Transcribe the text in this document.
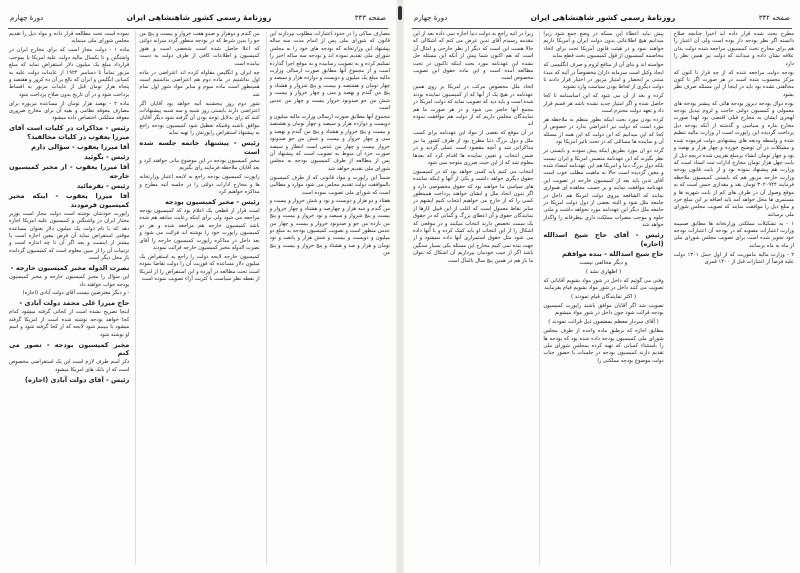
صفحه ۳۴۳
روزنامهٔ رسمی کشور شاهنشاهی ایران
دورهٔ چهارم

مصارف ساکی را در حدود اعتبارات مطلوب بپردازند این قانون که شورای ملی پس از اتمام مدت سه ساله پیشنهاد این وزارتخانه که بودجه های خود را به مجلس شورای ملی تقدیم نموده اند و بودجه سه ساله اخیر را تسلیم کرده و به تصویب رسانیده و به موقع اجرا گذارده است و از مجموع آنها مطابق صورت ارسالی وزارت مالیه مبلغ یک میلیون و دویست و دوازده هزار و سیصد و چهار تومان و هشتصد و بیست و پنج شروار و هشتاد و پنج من گندم و نهصد و سی و چهار خروار و بیست و شش من جو صدونود خروار بیست و چهار من عدس است

مجموع آنها مطابق صورت ارسالی وزارت مالیه میلیون و دویست و دوازده هزار و سیصد و چهار تومان و هشتصد و بیست و پنج خروار و هشتاد و پنج من گندم و نهصد و سی و چهار خروار و بیست و شش من جو صدونود خروار بیست و چهار من عدس است انتظار و سیصد صورت جزء آن منوط به تصویب است که پیشنهاد آن پس از مطالعه از طرف کمیسیون بودجه به مجلس شورای ملی تقدیم خواهد شد

ضمناً این راپورت و مواد قانونی که از طرف کمیسیون بالموافقت دولت تقدیم مجلس می شود موارد و مطالبی است که شورای ملی تصویب نموده است

هفتاد و دو هزار و دویست و نود و شش خروار و بیست و من گندم و سه هزار و چهارصد و هشتاد و چهار خروار و بیست و پنج شروار و سیصد و نود خروار و بیست و پنج من بازده من جو و صدونود خروار و بیست و چهار من عدس منظور است و تصویب کمیسیون بودجه به مبلغ دو میلیون و دویست و بیست و شش هزار و پانصد و نود تومان و هزار و صد و هشتاد و پنج خروار و بیست و پنج من

من گندم و دوهزار و صدو هفت خروار و بیست و پنج من جو را بدین شرط که در بودجه منظور گردد سرانه دولتی که اعلا حاصل شده است شخصی است و هنوز کمیسیون و اطلاعات کافی از طرف دولت به دست نیامده است

چه ایران و انگلیس مقاوله کرده اند اعتراضی در ماده اول نداشتیم در ماده دوم هم اعتراضی نداشتیم است همینطور است ماده سوم و سایر مواد شور اول تمام شد

شور دوم روز پنجشنبه آتیه خواهد بود آقایان اگر اعتراضی دارند بایستی روز شنبه و سه شنبه پیشنهادات کنند که رای بدلایل توجه بودن آن گرفته شود دیگر آقایان موافق باشند وقتیکه تعطیل شود کمیسیون بودجه راجع به پیشنهاد استقراض راپورتش را تهیه نماید

رئیس - پیشنهاد خاتمه جلسه شده است

مخبر کمیسیون بودجه در این موضوع بیانی خواهند کرد و بعد آقایان ملاحظه فرمایند رای بگیریم

راپورت کمیسیون بودجه راجع به لایحه اعتبار وزارتخانه ها و مخارج ادارات دولتی را در جلسه آتیه مطرح و مذاکره خواهیم کرد

رئیس - مخبر کمیسیون بودجه

است قرار از قطعی یک اعلام بود که کمیسیون بودجه مراجعه می شود ولی برای اینکه رعایت سابقه هم شده باشد کمیسیون خارجه هم مراجعه شده و هر دو کمیسیون راپورت خود را نوشته اند قرائت می شود و بعد داخل در مذاکره راپورت کمیسیون خارجه را آقای نصرت الدوله مخبر کمیسیون خارجه قرائت نمودند

کمیسیون خارجه لایحه دولت را راجع به استقراض یک میلیون دلار مساعده که فوریت آن را دولت تقاضا نموده است تحت مطالعه در آورده و این استقراض را از امریکا از نقطه نظر سیاست با کثریت آراء تصویب نموده است

نموده است تحت مطالعه قرار داده و مواد ذیل را تقدیم مجلس شورای ملی مینماید

ماده ۱ - دولت مجاز است که برای مخارج ایران در واشنگتن و تا یکسال مالیه دولت علیه امریکا یا بموجب قرارداد مبلغ یک میلیون دلار استقراض نماید که مبلغ مزبور تماماً تا دسامبر ۱۹۲۴ از عایدات دولت علیه به کمپانی انگلیس و ایران که بالغ بر آن ده کرور و هفتصد و پنجاه هزار تومان قبل از عایدات مزبور به اقساط پرداخت شود و در آن تاریخ بدون صلاح پرداخت شود

ماده ۲ - نهصد هزار تومان از مساعده مزبوره برای مصارف معوقه نظامی و بقیه آن برای مخارج ضروری معوقه مملکتی اختصاص داده میشود

رئیس - مذاکرات در کلیات است آقای میرزا یعقوب در کلیات مخالفید؟

آقا میرزا یعقوب - سؤالی دارم

رئیس - بگوئید

آقا میرزا یعقوب - از مخبر کمیسیون خارجه

رئیس - بفرمائید

آقا میرزا یعقوب - اینکه مخبر کمیسیون فرمودند

راپورت خودشان نوشته است دولت مجاز است بوزیر مختار ایران در واشنگتن و کمیسیون علیه امریکا اجازه دهد که با نام دولت یک میلیون دلار بعنوان مساعده موقتی استقراض نماید آن قرض معین اجازه است یا بیشتر از اینست و بعد اگر آن تا چه اندازه است و ترتیبات آن را از مبین معلوم است که کمیسیون گردانده باز محل دیگر است

نصرت الدوله مخبر کمیسیون خارجه -

این سؤال را مخبر کمیسیون خارجه و مخبر کمیسیون بودجه جواب خواهند داد

- و دیگر معترضین نیست آقای دولت آبادی (اجازه)

حاج میرزا علی محمد دولت آبادی -

اینجا تصریح نشده است از کجائی گرفته میشود کدام کجا خواهد بودجه نوشته شده است از امریکا گرفته میشود با ببینیم شود لایحه که از کجا گرفته شود و اسم او نوشته شود

مخبر کمیسیون بودجه - تصور می کنم

ذکر اسم طرف لازم است این یک استقراضی مخصوص است که از بانک های امریکا میشود

رئیس - آقای دولت آبادی (اجازه)

صفحه ۳۴۲
روزنامهٔ رسمی کشور شاهنشاهی ایران
دورهٔ چهارم

مطرح بحث شده قرار داده اید اخیراً چنانچه صلاح دانسته اگر نظر بودجه دار بوده است ولی آن اعتبار را هم برای مخارج تحت کمیسیون مراجعه شده دولت بدان علاقه نشان داده و میدانند که دولت نیز همین نظر را دارد

بودجه دولت مراجعه شده که از چه قرار تا کنون که مرکز محسوب شده است در هر صورت اگر تا کنون مخالفتی نشده بود باید در اینجا از این مسئله صرف نظر بشود

بوده دوال بودجه دیروز بودجه هائی که پیشتر بودجه های معمولی و کمسیون دولتی حاجت و لزوم تبدیل بودجه لهجری ایشان به مخارج قبلی اقتضی بود لهذا صورت مخارج ماره و سیاسی و گذشته از آنکه بودجه ذیل پرداخت گردیده این راپورت است از وزارت مالیه تنظیم شده و واسطه ودیعه های پیشنهادی دولت فرموده شده و مشکلات در آن توضیح خورده و چهار هزار و نهصد و نود و چهار تومان انشاء برمبلغ تقریبی شده دریچه ذیل از بابت چهل هزار تومان مخارج ادارات ثبت اسناد است که وزارت هم پیشنهاد نموده بود و از بابت قانون بودجه وزارت خارجه مزبور هم که بایستی کمیسیون ملاحظه فرمایند ۳۰۲۰۹۴۴ تومان نقد و مقداری جنس است که به موقع وصول آن در ظرف های کم از بابت شهریه ها و مستمری ها محل خواهد آمد باید اضافه بر این مبلغ خرد و مبلغ ذیل را موافقت نمایند که تصویب مجلس شورای ملی برسانند

۱ - به تشکیلات مملکتی وزارتخانه ها مطابق ضمیمه وزارت اعتبارات مصوبه که در بودجه آن اعتبارات بودجه خود تجویز شده است برای تصویب مجلس شورای ملی از ماه به ماه برسانند

۲ - وزارت مالیه ماموریت که از اول حمل ۱۳۰۱ دولت علیه فرضاً از اعتبارات قبل از ۱۴۰۰ قمری

پیش نباید اعطاء این بسکه در وضع جمع شود زیرا میدانیم هیچ اطلاعاتی بدون دولت ایران و امریکا داریم خواهند نمود و در هیئت قانون آمریکا تحت برای اتخاذ مخاصمه کمیسیون از قول کمیسیون بحث قطع نماید

خواسته اند و بنای آن از منافع لزوم و صرف انگلیسی که ایجاد وکیل است سرمایه داران مخصوصاً در آتیه که مبدء مبتنی بر انحصار و امتیاز مزبور در اختیار قرار دادند تا دولت دیگری از لحاظ بودن سیاست وارد نشوند

کرده و بعد از آن می شود که این اساسنامه تا کجا حاصل شده و اگر امتیاز جدید نشده باشد هر قسم قرار داد و تعهد دولت محترم است

کرده بودن مورد بحث اینکه بطور منظم به ملاحظه هر مورد است که دولت نیز اعتراضی ندارد در خصوص از کجا که این میدانیم که این دولت که این همه از مسئله آن و نماینده ها مسائلی که در تحت تاثیر امریکا بود

گردد دو ان مورد بطریق اینکه پیش نمودند و بایستی در نظر بگیرند که این عهدنامه متضمن امریکا و ایران نیست بلکه دول بزرگ دنیا و امریکا هم این عهدنامه امضاء شده و معین گردیده است حالا به ماهیت مطلب خوب است آقای تدین باید بعد از کمیسیون خارجه در تصویب این عهدنامه موافقت نمایند و بر حسب معاهده ای همواری نمایند که الشافعه پیروی دولت امریکا هم داخل در جامعه ملل شود و البته بعضی از دول دولت امریکا در جامعه ملل دیگر این عهدنامه مورد نخواهد داشت و ملتی جلوه و موجب مضرات مملکت داری بیطرفانه را واگذار خواهد شد

رئیس - آقای حاج شیخ اسدالله (اجازه)

حاج شیخ اسدالله - بنده موافقم

و دیگر مخالفی نیست

( اظهاری نشد )

وقتی می گوئیم که داخل در شور مواد بشویم آقایانی که تصویب می کنند داخل در شور مواد بشویم قیام بفرمایند

( اکثر نمایندگان قیام نمودند )

تصویب شد اگر آقایان موافق باشند راپورت کمیسیون بودجه قرائت شود چون داخل در شور مواد میشویم

( آقای سردار معظم بمضمون ذیل قرائت نمودند )

مطابق اجازه که برطبق ماده واحده از طرف مجلس شورای ملی کمیسیون بودجه داده شده بود که بودجه ها را باستثناء کسانی که تهیه کرده بمجلس شورای ملی تقدیم دارند کمیسیون بودجه در جلسات با حضور جناب دولت موضوع بودجه مملکتی را

زیرا در آتیه راجع به دولت دنیا اجازه نمی داده بعد از این مقدمه رسیدم آقای تدین عرض می کنم که اشکالی که حالا هست این است که دیگر از نظر خارجی و امثال آن است که هم اکنون شما پیش از آنکه این مسئله حل نشده این عهدنامه مورد بحث اینکه تاکنون در تحت مطالعه آمده است و این ماده حقوق این تصویب مخصوص است

اتحاد ملل مخصوص مرکب در امریکا بر روی همین عهدنامه در هیچ یک از آنها که از کمیسیون نماینده بودند شده است و باید دید که تصویب نماید که دولت امریکا در مجمع آنها حاضر می شود و در هر صورت ما هم نمایندگان مجلس داریم که از دولت هم موافقت نموده اند

در آن موقع که بعضی از مواد این عهدنامه برای کسب ملل و دول بزرگ دنیا مطرح بود از طرف کشور ما نیز مذاکراتی شد و آنچه مقصود است عملی گردید و در ضمن انتخاب و تعیین نماینده ها اقدام کرد که بعدها معلوم شد که از این حیث ضرری متوجه نمی شود

انتخاب می کنیم باید کسی خواهد بود که در کمیسیون حقوق دیگری خواهد داشت و یکی از آنها و اینکه نماینده های سیاسی ما خواهند بود که حقوق مخصوصی دارد و اگر بدون اتحاد ملل و ایشان خواهند پرداخت همینطور کسی را که از خارج می خواهیم انتخاب کنیم ایشهم در سایر نقاط معمول است که اغلب از این قبیل کارها از نمایندگان حقوق و آن اعطای بزرگ و گمانی که در حقوق یک سمت تخصص دارند انتخاب میکنند و در موقعی که اشکال را از این انتخاب او باید کمک کرده و با آنها داده می شود مثل حقوق استمراری آنها داده نمیشود و از جهت بنده نمی کنیم مخارج این مسئله یکی بسیار سنگین باشد اگر از جیب خودمان بپردازیم آن اشکال که بتوان ما باز هم در همین پنج سال بالمآل است
